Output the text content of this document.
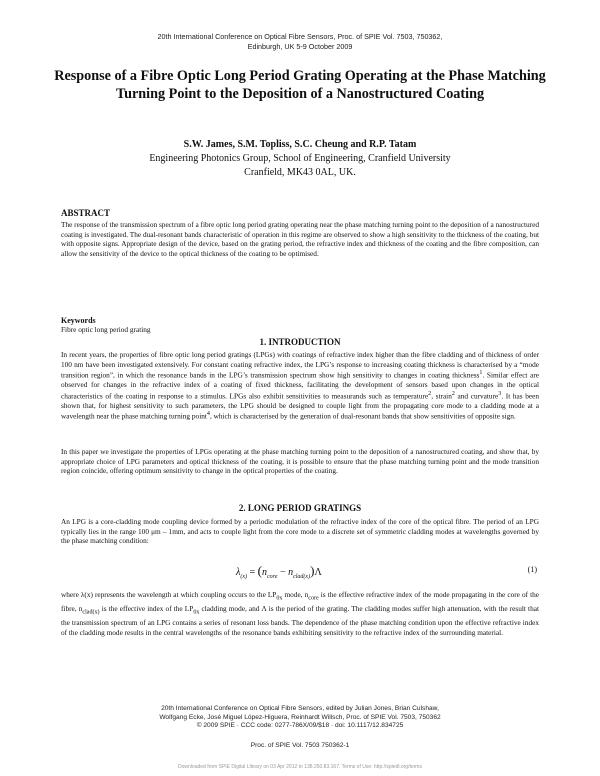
20th International Conference on Optical Fibre Sensors, Proc. of SPIE Vol. 7503, 750362,
Edinburgh, UK 5-9 October 2009
Response of a Fibre Optic Long Period Grating Operating at the Phase Matching Turning Point to the Deposition of a Nanostructured Coating
S.W. James, S.M. Topliss, S.C. Cheung and R.P. Tatam
Engineering Photonics Group, School of Engineering, Cranfield University
Cranfield, MK43 0AL, UK.
ABSTRACT

The response of the transmission spectrum of a fibre optic long period grating operating near the phase matching turning point to the deposition of a nanostructured coating is investigated. The dual-resonant bands characteristic of operation in this regime are observed to show a high sensitivity to the thickness of the coating, but with opposite signs. Appropriate design of the device, based on the grating period, the refractive index and thickness of the coating and the fibre composition, can allow the sensitivity of the device to the optical thickness of the coating to be optimised.

Keywords
Fibre optic long period grating
1. INTRODUCTION

In recent years, the properties of fibre optic long period gratings (LPGs) with coatings of refractive index higher than the fibre cladding and of thickness of order 100 nm have been investigated extensively. For constant coating refractive index, the LPG’s response to increasing coating thickness is characterised by a “mode transition region”, in which the resonance bands in the LPG’s transmission spectrum show high sensitivity to changes in coating thickness$^1$. Similar effect are observed for changes in the refractive index of a coating of fixed thickness, facilitating the development of sensors based upon changes in the optical characteristics of the coating in response to a stimulus. LPGs also exhibit sensitivities to measurands such as temperature$^2$, strain$^2$ and curvature$^3$. It has been shown that, for highest sensitivity to such parameters, the LPG should be designed to couple light from the propagating core mode to a cladding mode at a wavelength near the phase matching turning point$^4$, which is characterised by the generation of dual-resonant bands that show sensitivities of opposite sign.

In this paper we investigate the properties of LPGs operating at the phase matching turning point to the deposition of a nanostructured coating, and show that, by appropriate choice of LPG parameters and optical thickness of the coating, it is possible to ensure that the phase matching turning point and the mode transition region coincide, offering optimum sensitivity to change in the optical properties of the coating.

2. LONG PERIOD GRATINGS

An LPG is a core-cladding mode coupling device formed by a periodic modulation of the refractive index of the core of the optical fibre. The period of an LPG typically lies in the range 100 μm – 1mm, and acts to couple light from the core mode to a discrete set of symmetric cladding modes at wavelengths governed by the phase matching condition:

$\lambda_{(x)} = (n_{core} - n_{clad(x)})\Lambda$	(1)

where λ(x) represents the wavelength at which coupling occurs to the $LP_{0x}$ mode, $n_{core}$ is the effective refractive index of the mode propagating in the core of the fibre, $n_{clad(x)}$ is the effective index of the $LP_{0x}$ cladding mode, and Λ is the period of the grating. The cladding modes suffer high attenuation, with the result that the transmission spectrum of an LPG contains a series of resonant loss bands. The dependence of the phase matching condition upon the effective refractive index of the cladding mode results in the central wavelengths of the resonance bands exhibiting sensitivity to the refractive index of the surrounding material.

20th International Conference on Optical Fibre Sensors, edited by Julian Jones, Brian Culshaw,
Wolfgang Ecke, José Miguel López-Higuera, Reinhardt Willsch, Proc. of SPIE Vol. 7503, 750362
© 2009 SPIE · CCC code: 0277-786X/09/$18 · doi: 10.1117/12.834725
Proc. of SPIE Vol. 7503 750362-1
Downloaded from SPIE Digital Library on 03 Apr 2012 to 138.250.83.167. Terms of Use: http://spiedl.org/terms
